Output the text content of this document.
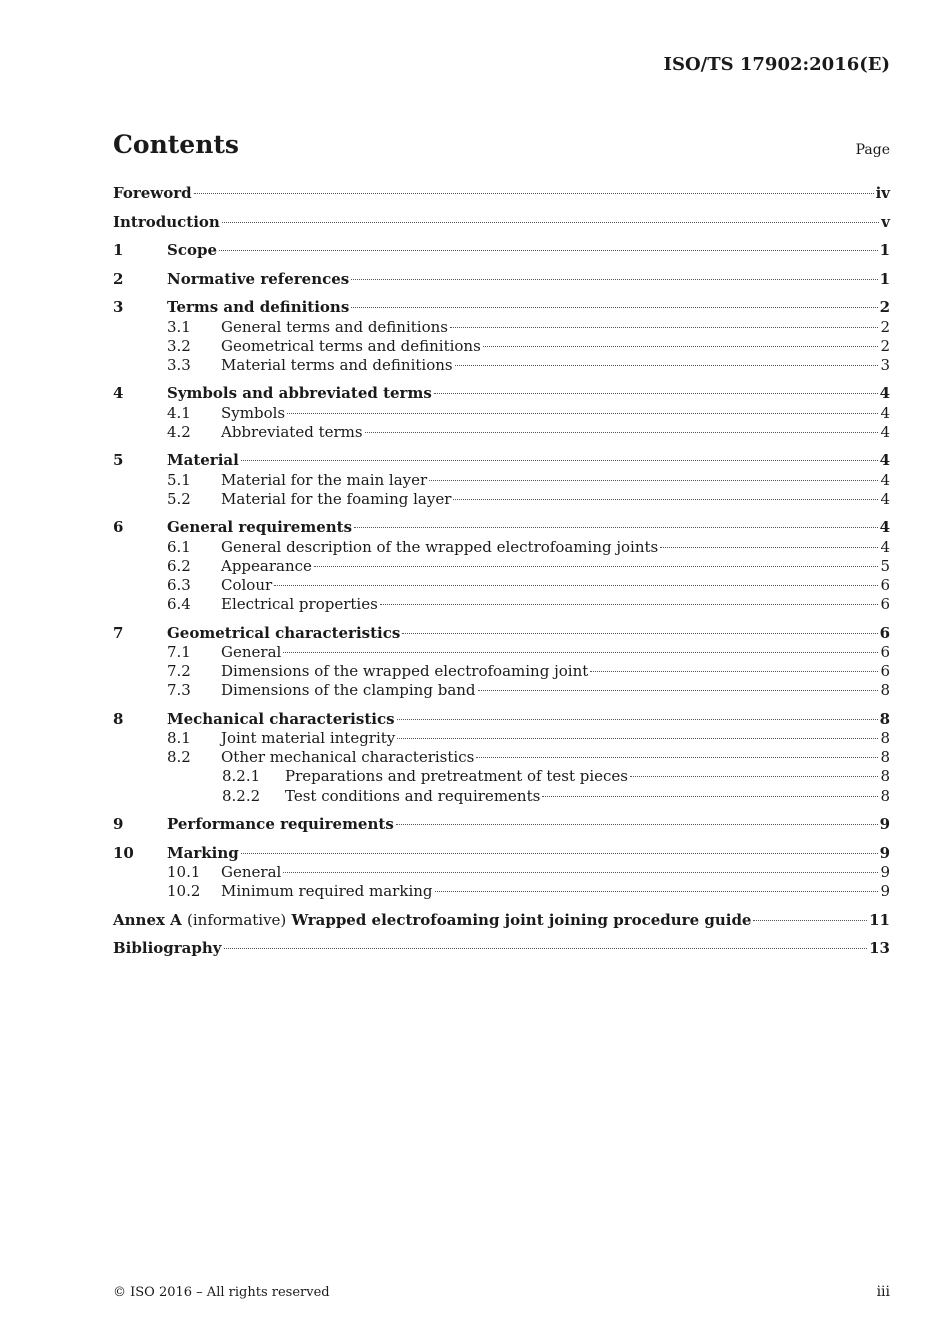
ISO/TS 17902:2016(E)
Contents	Page
Foreword	iv
Introduction	v
1	Scope	1
2	Normative references	1
3	Terms and definitions	2
3.1	General terms and definitions	2
3.2	Geometrical terms and definitions	2
3.3	Material terms and definitions	3
4	Symbols and abbreviated terms	4
4.1	Symbols	4
4.2	Abbreviated terms	4
5	Material	4
5.1	Material for the main layer	4
5.2	Material for the foaming layer	4
6	General requirements	4
6.1	General description of the wrapped electrofoaming joints	4
6.2	Appearance	5
6.3	Colour	6
6.4	Electrical properties	6
7	Geometrical characteristics	6
7.1	General	6
7.2	Dimensions of the wrapped electrofoaming joint	6
7.3	Dimensions of the clamping band	8
8	Mechanical characteristics	8
8.1	Joint material integrity	8
8.2	Other mechanical characteristics	8
8.2.1	Preparations and pretreatment of test pieces	8
8.2.2	Test conditions and requirements	8
9	Performance requirements	9
10	Marking	9
10.1	General	9
10.2	Minimum required marking	9
Annex A (informative) Wrapped electrofoaming joint joining procedure guide	11
Bibliography	13
© ISO 2016 – All rights reserved	iii
